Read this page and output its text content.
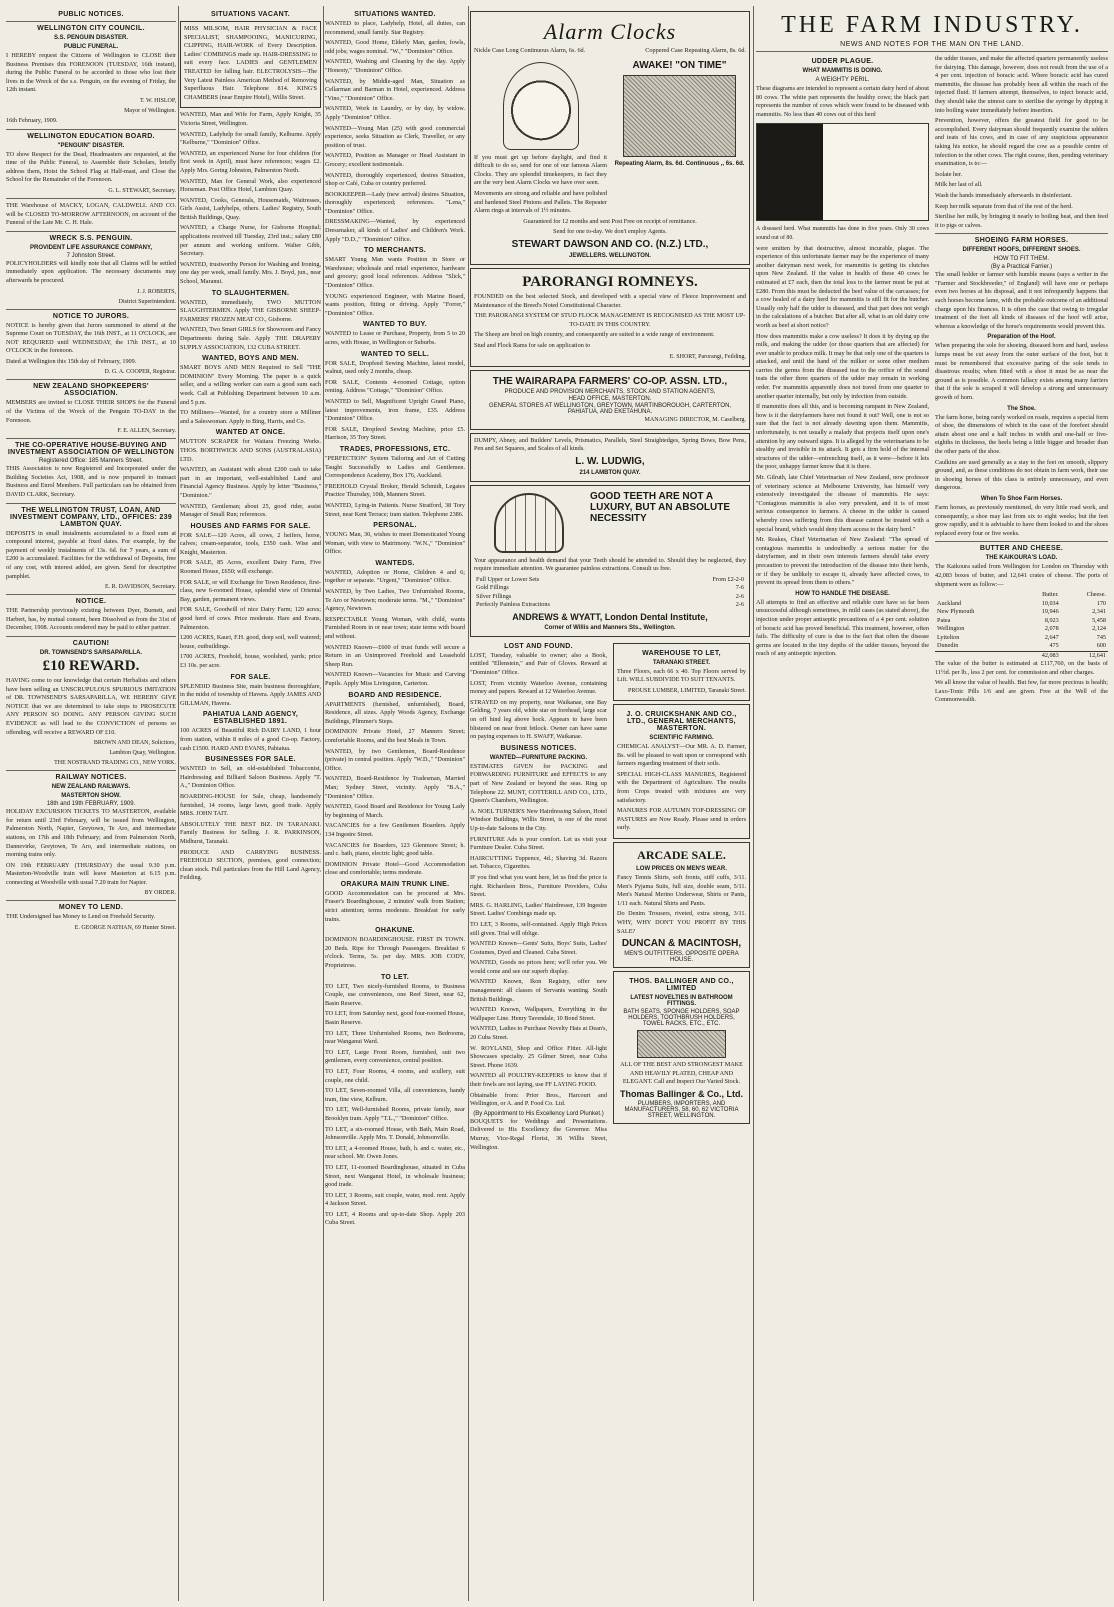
PUBLIC NOTICES.
WELLINGTON CITY COUNCIL.
S.S. PENGUIN DISASTER.
PUBLIC FUNERAL.

I HEREBY request the Citizens of Wellington to CLOSE their Business Premises this FORENOON (TUESDAY, 16th instant), during the Public Funeral to be accorded to those who lost their lives in the Wreck of the s.s. Penguin, on the evening of Friday, the 12th instant.

T. W. HISLOP,
Mayor of Wellington.
16th February, 1909.
WELLINGTON EDUCATION BOARD.
"PENGUIN" DISASTER.

TO show Respect for the Dead, Headmasters are requested, at the time of the Public Funeral, to Assemble their Scholars, briefly address them, Hoist the School Flag at Half-mast, and Close the School for the Remainder of the Forenoon.

G. L. STEWART, Secretary.

THE Warehouse of MACKY, LOGAN, CALDWELL AND CO. will be CLOSED TO-MORROW AFTERNOON, on account of the Funeral of the Late Mr. C. H. Hale.

WRECK S.S. PENGUIN.
PROVIDENT LIFE ASSURANCE COMPANY,
7 Johnston Street.

POLICYHOLDERS will kindly note that all Claims will be settled immediately upon application. The necessary documents may afterwards be procured.

J. J. ROBERTS,
District Superintendent.
NOTICE TO JURORS.

NOTICE is hereby given that Jurors summoned to attend at the Supreme Court on TUESDAY, the 16th INST., at 11 O'CLOCK, are NOT REQUIRED until WEDNESDAY, the 17th INST., at 10 O'CLOCK in the forenoon.

Dated at Wellington this 15th day of February, 1909.

D. G. A. COOPER, Registrar.
NEW ZEALAND SHOPKEEPERS' ASSOCIATION.

MEMBERS are invited to CLOSE THEIR SHOPS for the Funeral of the Victims of the Wreck of the Penguin TO-DAY in the Forenoon.

F. E. ALLEN, Secretary.
THE CO-OPERATIVE HOUSE-BUYING AND INVESTMENT ASSOCIATION OF WELLINGTON
Registered Office: 185 Manners Street.

THIS Association is now Registered and Incorporated under the Building Societies Act, 1908, and is now prepared to transact Business and Enrol Members. Full particulars can be obtained from DAVID CLARK, Secretary.

THE WELLINGTON TRUST, LOAN, AND INVESTMENT COMPANY, LTD., OFFICES: 239 LAMBTON QUAY.

DEPOSITS in small instalments accumulated to a fixed sum at compound interest, payable at fixed dates. For example, by the payment of weekly instalments of 13s. 6d. for 7 years, a sum of £200 is accumulated. Facilities for the withdrawal of Deposits, free of any cost, with interest added, are given. Send for descriptive pamphlet.

E. R. DAVIDSON, Secretary.
NOTICE.

THE Partnership previously existing between Dyer, Burnett, and Harbert, has, by mutual consent, been Dissolved as from the 31st of December, 1908. Accounts rendered may be paid to either partner.

CAUTION!
DR. TOWNSEND'S SARSAPARILLA.
£10 REWARD.

HAVING come to our knowledge that certain Herbalists and others have been selling an UNSCRUPULOUS SPURIOUS IMITATION of DR. TOWNSEND'S SARSAPARILLA, WE HEREBY GIVE NOTICE that we are determined to take steps to PROSECUTE ANY PERSON SO DOING. ANY PERSON GIVING SUCH EVIDENCE as will lead to the CONVICTION of persons so offending, will receive a REWARD OF £10.

BROWN AND DEAN, Solicitors,
Lambton Quay, Wellington.
THE NOSTRAND TRADING CO., NEW YORK.
RAILWAY NOTICES.
NEW ZEALAND RAILWAYS.
MASTERTON SHOW.
18th and 19th FEBRUARY, 1909.

HOLIDAY EXCURSION TICKETS TO MASTERTON, available for return until 23rd February, will be issued from Wellington, Palmerston North, Napier, Greytown, Te Aro, and intermediate stations, on 17th and 18th February; and from Palmerston North, Dannevirke, Greytown, Te Aro, and intermediate stations, on morning trains only.

ON 19th FEBRUARY (THURSDAY) the usual 9.30 p.m. Masterton-Woodville train will leave Masterton at 6.15 p.m. connecting at Woodville with usual 7.20 train for Napier.

BY ORDER.
MONEY TO LEND.

THE Undersigned has Money to Lend on Freehold Security.

E. GEORGE NATHAN, 69 Hunter Street.
SITUATIONS VACANT.

MISS MILSOM, HAIR PHYSICIAN & FACE SPECIALIST, SHAMPOOING, MANICURING, CLIPPING, HAIR-WORK of Every Description. Ladies' COMBINGS made up. HAIR-DRESSING to suit every face. LADIES and GENTLEMEN TREATED for falling hair. ELECTROLYSIS—The Very Latest Painless American Method of Removing Superfluous Hair. Telephone 814. KING'S CHAMBERS (near Empire Hotel), Willis Street.

WANTED, Man and Wife for Farm, Apply Knight, 35 Victoria Street, Wellington.

WANTED, Ladyhelp for small family, Kelburne. Apply "Kelburne," "Dominion" Office.

WANTED, an experienced Nurse for four children (for first week in April), must have references; wages £2. Apply Mrs. Goring Johnston, Palmerston North.

WANTED, Man for General Work, also experienced Horseman. Post Office Hotel, Lambton Quay.

WANTED, Cooks, Generals, Housemaids, Waitresses, Girls Assist, Ladyhelps, others. Ladies' Registry, South British Buildings, Quay.

WANTED, a Charge Nurse, for Gisborne Hospital; applications received till Tuesday, 23rd inst.; salary £80 per annum and working uniform. Walter Gibb, Secretary.

WANTED, trustworthy Person for Washing and Ironing, one day per week, small family. Mrs. J. Boyd, jun., near School, Maranui.

TO SLAUGHTERMEN.

WANTED, immediately, TWO MUTTON SLAUGHTERMEN. Apply THE GISBORNE SHEEP-FARMERS' FROZEN MEAT CO., Gisborne.

WANTED, Two Smart GIRLS for Showroom and Fancy Departments during Sale. Apply THE DRAPERY SUPPLY ASSOCIATION, 132 CUBA STREET.

WANTED, BOYS AND MEN.

SMART BOYS AND MEN Required to Sell "THE DOMINION" Every Morning. The paper is a quick seller, and a willing worker can earn a good sum each week. Call at Publishing Department between 10 a.m. and 5 p.m.

TO Milliners—Wanted, for a country store a Milliner and a Saleswoman. Apply to Bing, Harris, and Co.

WANTED AT ONCE.

MUTTON SCRAPER for Waitara Freezing Works. THOS. BORTHWICK AND SONS (AUSTRALASIA) LTD.

WANTED, an Assistant with about £200 cash to take part in an important, well-established Land and Financial Agency Business. Apply by letter "Business," "Dominion."

WANTED, Gentleman; about 25, good rider, assist Manager of Small Run; references.

HOUSES AND FARMS FOR SALE.

FOR SALE—120 Acres, all cows, 2 heifers, horse, calves; cream-separator, tools, £350 cash. Wise and Knight, Masterton.

FOR SALE, 85 Acres, excellent Dairy Farm, Five Roomed House, £650; will exchange.

FOR SALE, or will Exchange for Town Residence, first-class, new 6-roomed House, splendid view of Oriental Bay, garden, permanent views.

FOR SALE, Goodwill of nice Dairy Farm; 120 acres; good herd of cows. Price moderate. Hare and Evans, Palmerston.

1200 ACRES, Kauri, F.H. good, deep soil, well watered; house, outbuildings.

1700 ACRES, Freehold, house, woolshed, yards; price £3 10s. per acre.

FOR SALE.

SPLENDID Business Site, main business thoroughfare, in the midst of township of Havera. Apply JAMES AND GILLMAN, Havera.

PAHIATUA LAND AGENCY, ESTABLISHED 1891.

100 ACRES of Beautiful Rich DAIRY LAND, 1 hour from station, within 8 miles of a good Co-op. Factory, cash £1500. HARD AND EVANS, Pahiatua.

BUSINESSES FOR SALE.

WANTED to Sell, an old-established Tobacconist, Hairdressing and Billiard Saloon Business. Apply "T. A.," Dominion Office.

BOARDING-HOUSE for Sale, cheap, handsomely furnished, 14 rooms, large lawn, good trade. Apply MRS. JOHN TAIT.

ABSOLUTELY THE BEST BIZ. IN TARANAKI. Family Business for Selling. J. R. PARKINSON, Midhurst, Taranaki.

PRODUCE AND CARRYING BUSINESS. FREEHOLD SECTION, premises, good connection; clean stock. Full particulars from the Hill Land Agency, Feilding.

SITUATIONS WANTED.

WANTED to place, Ladyhelp, Hotel, all duties, can recommend, small family. Star Registry.

WANTED, Good Home, Elderly Man, garden, fowls, odd jobs; wages nominal. "W.," "Dominion" Office.

WANTED, Washing and Cleaning by the day. Apply "Honesty," "Dominion" Office.

WANTED, by Middle-aged Man, Situation as Cellarman and Barman in Hotel, experienced. Address "Vino," "Dominion" Office.

WANTED, Work in Laundry, or by day, by widow. Apply "Dominion" Office.

WANTED—Young Man (25) with good commercial experience, seeks Situation as Clerk, Traveller, or any position of trust.

WANTED, Position as Manager or Head Assistant in Grocery; excellent testimonials.

WANTED, thoroughly experienced, desires Situation, Shop or Café, Cuba or country preferred.

BOOKKEEPER—Lady (new arrival) desires Situation, thoroughly experienced; references. "Lena," "Dominion" Office.

DRESSMAKING—Wanted, by experienced Dressmaker, all kinds of Ladies' and Children's Work. Apply "D.D.," "Dominion" Office.

TO MERCHANTS.

SMART Young Man wants Position in Store or Warehouse; wholesale and retail experience, hardware and grocery; good local references. Address "Slick," "Dominion" Office.

YOUNG experienced Engineer, with Marine Board, wants position, fitting or driving. Apply "Forrer," "Dominion" Office.

WANTED TO BUY.

WANTED to Lease or Purchase, Property, from 5 to 20 acres, with House, in Wellington or Suburbs.

WANTED TO SELL.

FOR SALE, Dropfeed Sewing Machine, latest model, walnut, used only 2 months, cheap.

FOR SALE, Contents 4-roomed Cottage, option renting. Address "Cottage," "Dominion" Office.

WANTED to Sell, Magnificent Upright Grand Piano, latest improvements, iron frame, £35. Address "Dominion" Office.

FOR SALE, Dropfeed Sewing Machine, price £5. Harrison, 35 Tory Street.

TRADES, PROFESSIONS, ETC.

"PERFECTION" System Tailoring and Art of Cutting Taught Successfully to Ladies and Gentlemen. Correspondence Academy, Box 176, Auckland.

FREEHOLD Crystal Broker, Herald Schmidt, Legates Practice Thursday, 10th, Manners Street.

WANTED, Lying-in Patients. Nurse Stratford, 38 Tory Street, near Kent Terrace; tram station. Telephone 2386.

PERSONAL.

YOUNG Man, 30, wishes to meet Domesticated Young Woman, with view to Matrimony. "W.N.," "Dominion" Office.

WANTEDS.

WANTED, Adoption or Home, Children 4 and 6; together or separate. "Urgent," "Dominion" Office.

WANTED, by Two Ladies, Two Unfurnished Rooms, Te Aro or Newtown; moderate terms. "M.," "Dominion" Agency, Newtown.

RESPECTABLE Young Woman, with child, wants Furnished Room in or near town; state terms with board and without.

WANTED Known—£600 of trust funds will secure a Return in an Unimproved Freehold and Leasehold Sheep Run.

WANTED Known—Vacancies for Music and Carving Pupils. Apply Miss Livingston, Carterton.

BOARD AND RESIDENCE.

APARTMENTS (furnished, unfurnished), Board, Residence, all sizes. Apply Woods Agency, Exchange Buildings, Plimmer's Steps.

DOMINION Private Hotel, 27 Manners Street; comfortable Rooms, and the best Meals in Town.

WANTED, by two Gentlemen, Board-Residence (private) in central position. Apply "W.D.," "Dominion" Office.

WANTED, Board-Residence by Tradesman, Married Man; Sydney Street, vicinity. Apply "B.A.," "Dominion" Office.

WANTED, Good Board and Residence for Young Lady by beginning of March.

VACANCIES for a few Gentlemen Boarders. Apply 134 Ingestre Street.

VACANCIES for Boarders, 123 Glenmore Street; h. and c. bath, piano, electric light; good table.

DOMINION Private Hotel—Good Accommodation close and comfortable; terms moderate.

ORAKURA MAIN TRUNK LINE.

GOOD Accommodation can be procured at Mrs. Fraser's Boardinghouse, 2 minutes' walk from Station; strict attention; terms moderate. Breakfast for early trains.

OHAKUNE.

DOMINION BOARDINGHOUSE. FIRST IN TOWN. 20 Beds. Ripe for Through Passengers. Breakfast 6 o'clock. Terms, 5s. per day. MRS. JOB CODY, Proprietress.

TO LET.

TO LET, Two nicely-furnished Rooms, to Business Couple, use conveniences, one Reef Street, near 62, Basin Reserve.

TO LET, from Saturday next, good four-roomed House, Basin Reserve.

TO LET, Three Unfurnished Rooms, two Bedrooms, near Wanganui Ward.

TO LET, Large Front Room, furnished, suit two gentlemen, every convenience, central position.

TO LET, Four Rooms, 4 rooms, and scullery, suit couple, one child.

TO LET, Seven-roomed Villa, all conveniences, handy tram, fine view, Kelburn.

TO LET, Well-furnished Rooms, private family, near Brooklyn tram. Apply "T.L.," "Dominion" Office.

TO LET, a six-roomed House, with Bath, Main Road, Johnsonville. Apply Mrs. T. Donald, Johnsonville.

TO LET, a 4-roomed House, bath, h. and c. water, etc., near school. Mr. Owen Jones.

TO LET, 11-roomed Boardinghouse, situated in Cuba Street, next Wanganui Hotel, in wholesale business; good trade.

TO LET, 3 Rooms, suit couple, water, mod. rent. Apply 4 Jackson Street.

TO LET, 4 Rooms and up-to-date Shop. Apply 203 Cuba Street.

Alarm Clocks

Nickle Case Long Continuous Alarm, 6s. 6d.	Coppered Case Repeating Alarm, 8s. 6d.

If you must get up before daylight, and find it difficult to do so, send for one of our famous Alarm Clocks. They are splendid timekeepers, in fact they are the very best Alarm Clocks we have over seen.

Movements are strong and reliable and have polished and hardened Steel Pinions and Pallets. The Repeater Alarm rings at intervals of 1½ minutes.

AWAKE! "ON TIME"
Repeating Alarm, 8s. 6d. Continuous ,, 6s. 6d.

Guaranteed for 12 months and sent Post Free on receipt of remittance.

Send for one to-day. We don't employ Agents.

STEWART DAWSON AND CO. (N.Z.) LTD.,
JEWELLERS. WELLINGTON.
PARORANGI ROMNEYS.

FOUNDED on the best selected Stock, and developed with a special view of Fleece Improvement and Maintenance of the Breed's Noted Constitutional Character.

THE PARORANGI SYSTEM OF STUD FLOCK MANAGEMENT IS RECOGNISED AS THE MOST UP-TO-DATE IN THIS COUNTRY.

The Sheep are bred on high country, and consequently are suited to a wide range of environment.

Stud and Flock Rams for sale on application to

E. SHORT, Parorangi, Feilding.
THE WAIRARAPA FARMERS' CO-OP. ASSN. LTD.,
PRODUCE AND PROVISION MERCHANTS, STOCK AND STATION AGENTS,
HEAD OFFICE, MASTERTON.
GENERAL STORES AT WELLINGTON, GREYTOWN, MARTINBOROUGH, CARTERTON, PAHIATUA, AND EKETAHUNA.
MANAGING DIRECTOR, M. Caselberg.

DUMPY, Abney, and Builders' Levels, Prismatics, Parallels, Steel Straightedges, Spring Bows, Bow Pens, Pen and Set Squares, and Scales of all kinds.

L. W. LUDWIG,
214 LAMBTON QUAY.
GOOD TEETH ARE NOT A LUXURY, BUT AN ABSOLUTE NECESSITY

Your appearance and health demand that your Teeth should be attended to. Should they be neglected, they require immediate attention. We guarantee painless extractions. Consult us free.

Full Upper or Lower Sets	From £2-2-0
Gold Fillings	7-6
Silver Fillings	2-6
Perfectly Painless Extractions	2-6
ANDREWS & WYATT, London Dental Institute,
Corner of Willis and Manners Sts., Wellington.
LOST AND FOUND.

LOST, Tuesday, valuable to owner; also a Book, entitled "Ellenstein," and Pair of Gloves. Reward at "Dominion" Office.

LOST, From vicinity Waterloo Avenue, containing money and papers. Reward at 12 Waterloo Avenue.

STRAYED on my property, near Waikanae, one Bay Gelding, 7 years old, white star on forehead, large scar on off hind leg above hock. Appears to have been blistered on near front fetlock. Owner can have same on paying expenses to H. SWAFF, Waikanae.

BUSINESS NOTICES.
WANTED—FURNITURE PACKING.

ESTIMATES GIVEN for PACKING and FORWARDING FURNITURE and EFFECTS to any part of New Zealand or beyond the seas. Ring up Telephone 22. MUNT, COTTERILL AND CO., LTD., Queen's Chambers, Wellington.

A. NOEL TURNER'S New Hairdressing Saloon, Hotel Windsor Buildings, Willis Street, is one of the most Up-to-date Saloons in the City.

FURNITURE Ads is your comfort. Let us visit your Furniture Dealer. Cuba Street.

HAIRCUTTING Tuppence, 4d.; Shaving 3d. Razors set. Tobacco, Cigarettes.

IF you find what you want here, let us find the price is right. Richardson Bros., Furniture Providers, Cuba Street.

MRS. G. HARLING, Ladies' Hairdresser, 139 Ingestre Street. Ladies' Combings made up.

TO LET, 3 Rooms, self-contained. Apply High Prices still given. Trial will oblige.

WANTED Known—Gents' Suits, Boys' Suits, Ladies' Costumes, Dyed and Cleaned. Cuba Street.

WANTED, Goods no prices here; we'll refer you. We would come and see our superb display.

WANTED Known, Ikon Registry, offer new management: all classes of Servants wanting. South British Buildings.

WANTED Known, Wallpapers, Everything in the Wallpaper Line. Henry Tavendale, 10 Bond Street.

WANTED, Ladies to Purchase Novelty Hats at Dean's, 20 Cuba Street.

W. ROYLAND, Shop and Office Fitter. All-light Showcases specialty. 25 Gilmer Street, near Cuba Street. Phone 1639.

WANTED all POULTRY-KEEPERS to know that if their fowls are not laying, use FF LAYING FOOD.

Obtainable from: Prior Bros., Harcourt and Wellington, or A. and P. Food Co. Ltd.

(By Appointment to His Excellency Lord Plunket.)

BOUQUETS for Weddings and Presentations. Delivered to His Excellency the Governor. Miss Murray, Vice-Regal Florist, 36 Willis Street, Wellington.

WAREHOUSE TO LET,
TARANAKI STREET.

Three Floors, each 66 x 40. Top Floors served by Lift. WILL SUBDIVIDE TO SUIT TENANTS.

PROUSE LUMBER, LIMITED, Taranaki Street.
J. O. CRUICKSHANK AND CO., LTD., GENERAL MERCHANTS, MASTERTON.
SCIENTIFIC FARMING.

CHEMICAL ANALYST—Our MR. A. D. Farmer, Bs. will be pleased to wait upon or correspond with farmers regarding treatment of their soils.

SPECIAL HIGH-CLASS MANURES, Registered with the Department of Agriculture. The results from Crops treated with mixtures are very satisfactory.

MANURES FOR AUTUMN TOP-DRESSING OF PASTURES are Now Ready. Please send in orders early.

ARCADE SALE.
LOW PRICES ON MEN'S WEAR.

Fancy Tennis Shirts, soft fronts, stiff cuffs, 3/11. Men's Pyjama Suits, full size, double seam, 5/11. Men's Natural Merino Underwear, Shirts or Pants, 1/11 each. Natural Shirts and Pants.

Do Denim Trousers, riveted, extra strong, 3/11. WHY, WHY DON'T YOU PROFIT BY THIS SALE?

DUNCAN & MACINTOSH,
MEN'S OUTFITTERS, OPPOSITE OPERA HOUSE.
THOS. BALLINGER AND CO., LIMITED
LATEST NOVELTIES IN BATHROOM FITTINGS.
BATH SEATS, SPONGE HOLDERS, SOAP HOLDERS, TOOTHBRUSH HOLDERS, TOWEL RACKS, ETC., ETC.

ALL OF THE BEST AND STRONGEST MAKE AND HEAVILY PLATED, CHEAP AND ELEGANT. Call and Inspect Our Varied Stock.

Thomas Ballinger & Co., Ltd.
PLUMBERS, IMPORTERS, AND MANUFACTURERS, 58, 60, 62 VICTORIA STREET, WELLINGTON.
THE FARM INDUSTRY.
NEWS AND NOTES FOR THE MAN ON THE LAND.
UDDER PLAGUE.
WHAT MAMMITIS IS DOING.
A WEIGHTY PERIL.

These diagrams are intended to represent a certain dairy herd of about 80 cows. The white part represents the healthy cows; the black part represents the number of cows which were found to be diseased with mammitis. No less than 40 cows out of this herd

A diseased herd. What mammitis has done in five years. Only 30 cows sound out of 80.

were smitten by that destructive, almost incurable, plague. The experience of this unfortunate farmer may be the experience of many another dairyman next week, for mammitis is getting its clutches upon New Zealand. If the value in health of these 40 cows be estimated at £7 each, then the total loss to the farmer must be put at £280. From this must be deducted the beef value of the carcasses; for a cow healed of a dairy herd for mammitis is still fit for the butcher. Usually only half the udder is diseased, and that part does not weigh in the calculations of a butcher. But after all, what is an old dairy cow worth as beef at short notice?

How does mammitis make a cow useless? It does it by drying up the milk, and making the udder (or those quarters that are affected) for ever unable to produce milk. It may be that only one of the quarters is attacked, and until the hand of the milker or some other medium carries the germs from the diseased teat to the orifice of the sound teats the other three quarters of the udder may remain in working order. For mammitis apparently does not travel from one quarter to another quarter internally, but only by infection from outside.

If mammitis does all this, and is becoming rampant in New Zealand, how is it the dairyfarmers have not found it out? Well, one is not so sure that the fact is not already dawning upon them. Mammitis, unfortunately, is not usually a malady that projects itself upon one's attention by any outward signs. It is alleged by the veterinarians to be stealthy and invisible in its attack. It gets a firm hold of the internal structures of the udder—entrenching itself, as it were—before it lets the poor, unhappy farmer know that it is there.

Mr. Gilruth, late Chief Veterinarian of New Zealand, now professor of veterinary science at Melbourne University, has himself very extensively investigated the disease of mammitis. He says: "Contagious mammitis is also very prevalent, and it is of most serious consequence to farmers. A cheese in the udder is caused whereby cows suffering from this disease cannot be treated with a special brand, which would deny them access to the dairy herd."

Mr. Reakes, Chief Veterinarian of New Zealand: "The spread of contagious mammitis is undoubtedly a serious matter for the dairyfarmer, and in their own interests farmers should take every precaution to prevent the introduction of the disease into their herds, or if they be unlikely to escape it, already have affected cows, to prevent its spread from them to others."

HOW TO HANDLE THE DISEASE.

All attempts to find an effective and reliable cure have so far been unsuccessful although sometimes, in mild cases (as stated above), the injection under proper antiseptic precautions of a 4 per cent. solution of boracic acid has proved beneficial. This treatment, however, often fails. The difficulty of cure is due to the fact that often the disease germs are located in the tiny depths of the udder tissues, beyond the reach of any antiseptic injection.

the udder tissues, and make the affected quarters permanently useless for dairying. This damage, however, does not result from the use of a 4 per cent. injection of boracic acid. Where boracic acid has cured mammitis, the disease has probably been all within the reach of the injected fluid. If farmers attempt, themselves, to inject boracic acid, they should take the utmost care to sterilise the syringe by dipping it into boiling water immediately before insertion.

Prevention, however, offers the greatest field for good to be accomplished. Every dairyman should frequently examine the udders and teats of his cows, and in case of any suspicious appearance taking his notice, he should regard the cow as a possible centre of infection to the other cows. The right course, then, pending veterinary examination, is to:—

Isolate her.

Milk her last of all.

Wash the hands immediately afterwards in disinfectant.

Keep her milk separate from that of the rest of the herd.

Sterilise her milk, by bringing it nearly to boiling heat, and then feed it to pigs or calves.

SHOEING FARM HORSES.
DIFFERENT HOOFS, DIFFERENT SHOES.
HOW TO FIT THEM.
(By a Practical Farrier.)

The small holder or farmer with humble means (says a writer in the "Farmer and Stockbreeder," of England) will have one or perhaps even two horses at his disposal, and it not infrequently happens that such horses become lame, with the probable outcome of an additional charge upon his finances. It is often the case that owing to irregular treatment of the feet all kinds of diseases of the hoof will arise, whereas a knowledge of the horse's requirements would prevent this.

Preparation of the Hoof.

When preparing the sole for shoeing, diseased horn and hard, useless lumps must be cut away from the outer surface of the foot, but it must be remembered that excessive paring of the sole tends to disastrous results; when fitted with a shoe it must be as near the ground as is possible. A common fallacy exists among many farriers that if the sole is scraped it will develop a strong and unnecessary growth of horn.

The Shoe.

The farm horse, being rarely worked on roads, requires a special form of shoe, the dimensions of which in the case of the forefeet should attain about one and a half inches in width and one-half or five-eighths in thickness, the heels being a little bigger and broader than the other parts of the shoe.

Caulkins are used generally as a stay to the feet on smooth, slippery ground, and, as these conditions do not obtain in farm work, their use in shoeing horses of this class is entirely unnecessary, and even dangerous.

When To Shoe Farm Horses.

Farm horses, as previously mentioned, do very little road work, and consequently, a shoe may last from six to eight weeks; but the feet grow rapidly, and it is advisable to have them looked to and the shoes replaced every four or five weeks.

BUTTER AND CHEESE.
THE KAIKOURA'S LOAD.

The Kaikoura sailed from Wellington for London on Thursday with 42,083 boxes of butter, and 12,641 crates of cheese. The ports of shipment were as follow:—

	Butter.	Cheese.
Auckland	10,034	170
New Plymouth	19,946	2,341
Patea	8,923	5,458
Wellington	2,078	2,124
Lyttelton	2,647	745
Dunedin	475	600
	42,083	12,641

The value of the butter is estimated at £117,760, on the basis of 11½d. per lb., less 2 per cent. for commission and other charges.

We all know the value of health. But few, far more precious is health; Laxo-Tonic Pills 1/6 and are given. Free at the Well of the Commonwealth.
